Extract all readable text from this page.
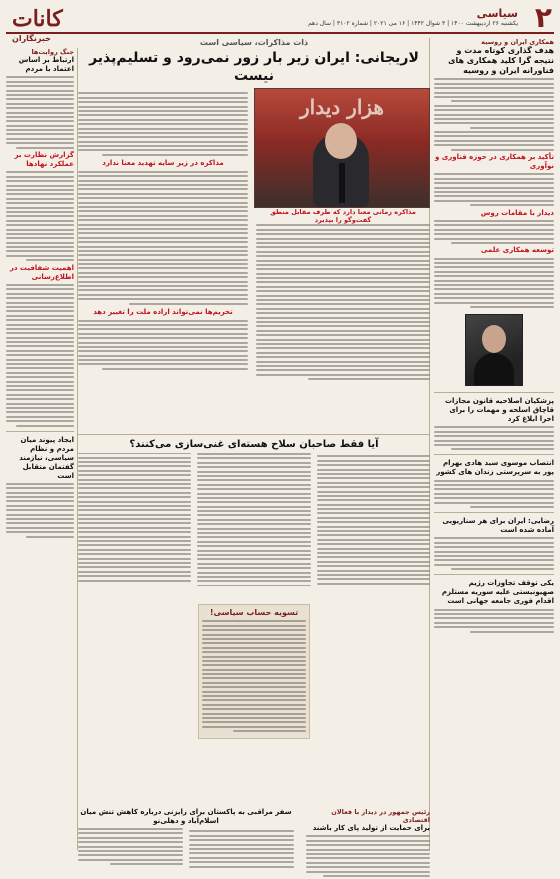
۲
سیاسی
یکشنبه ۲۶ اردیبهشت ۱۴۰۰ | ۳ شوال ۱۴۴۲ | ۱۶ می ۲۰۲۱ | شماره ۳۱۰۲ | سال دهم
کانات
خبرنگاران	همکاری ایران و روسیه
هدف گذاری کوتاه مدت و نتیجه گرا کلید همکاری های فناورانه ایران و روسیه
تأکید بر همکاری در حوزه فناوری و نوآوری
دیدار با مقامات روس
توسعه همکاری علمی
پزشکیان اصلاحیه قانون مجازات قاچاق اسلحه و مهمات را برای اجرا ابلاغ کرد
انتصاب موسوی سید هادی بهرام پور به سرپرستی زندان های کشور
رضایی: ایران برای هر سناریویی آماده شده است
یکی توقف تجاوزات رژیم صهیونیستی علیه سوریه مستلزم اقدام فوری جامعه جهانی است
جنگ روایت‌ها
ارتباط بر اساس اعتماد با مردم
گزارش نظارت بر عملکرد نهادها
اهمیت شفافیت در اطلاع‌رسانی
ایجاد پیوند میان مردم و نظام سیاسی، نیازمند گفتمان متقابل است
ذات مذاکرات، سیاسی است
لاریجانی: ایران زیر بار زور نمی‌رود و تسلیم‌پذیر نیست
هزار دیدار
مذاکره زمانی معنا دارد که طرف مقابل منطق گفت‌وگو را بپذیرد
مذاکره در زیر سایه تهدید معنا ندارد
تحریم‌ها نمی‌تواند اراده ملت را تغییر دهد
آیا فقط صاحبان سلاح هسته‌ای غنی‌سازی می‌کنند؟
تسویه حساب سیاسی!
رئیس جمهور در دیدار با فعالان اقتصادی
برای حمایت از تولید پای کار باشند
سفر مراقبی به پاکستان برای رایزنی درباره کاهش تنش میان اسلام‌آباد و دهلی‌نو
